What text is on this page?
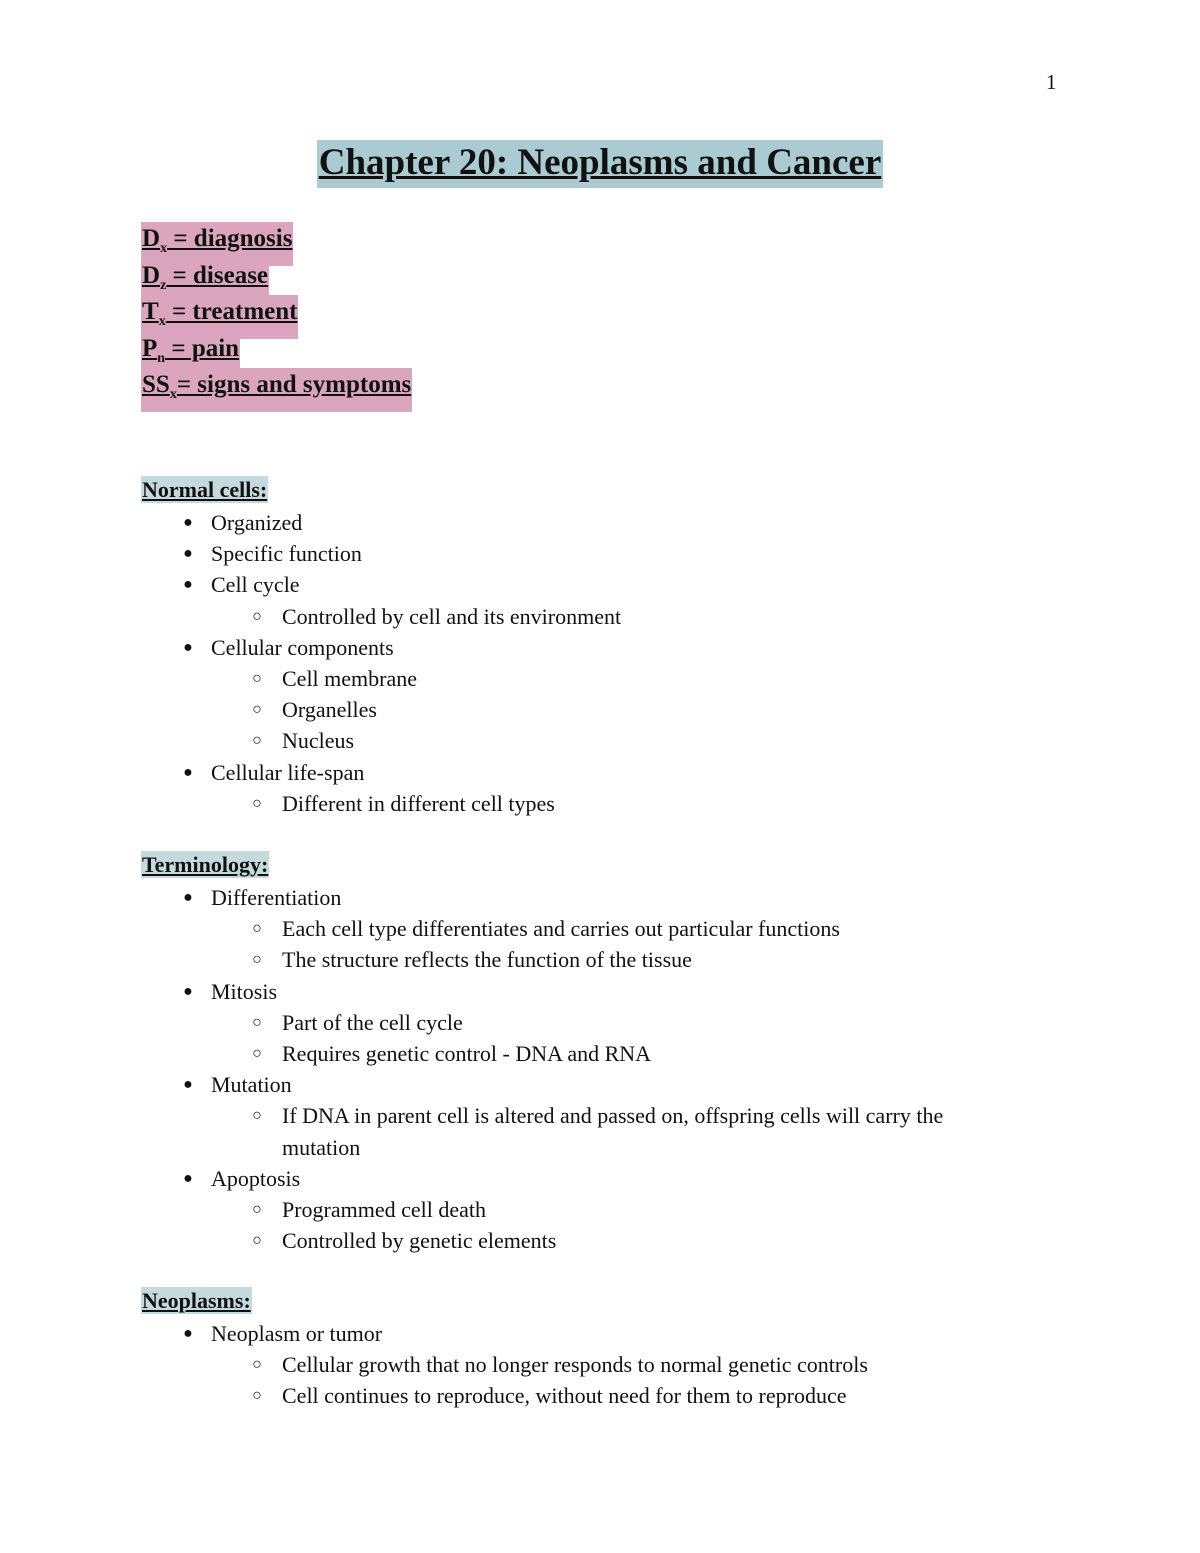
1
Chapter 20: Neoplasms and Cancer
$D_x$ = diagnosis
$D_z$ = disease
$T_x$ = treatment
$P_n$ = pain
$SS_x=$ signs and symptoms
Normal cells:
● Organized
● Specific function
● Cell cycle
○ Controlled by cell and its environment
● Cellular components
○ Cell membrane
○ Organelles
○ Nucleus
● Cellular life-span
○ Different in different cell types
Terminology:
● Differentiation
○ Each cell type differentiates and carries out particular functions
○ The structure reflects the function of the tissue
● Mitosis
○ Part of the cell cycle
○ Requires genetic control - DNA and RNA
● Mutation
○ If DNA in parent cell is altered and passed on, offspring cells will carry the mutation
● Apoptosis
○ Programmed cell death
○ Controlled by genetic elements
Neoplasms:
● Neoplasm or tumor
○ Cellular growth that no longer responds to normal genetic controls
○ Cell continues to reproduce, without need for them to reproduce
